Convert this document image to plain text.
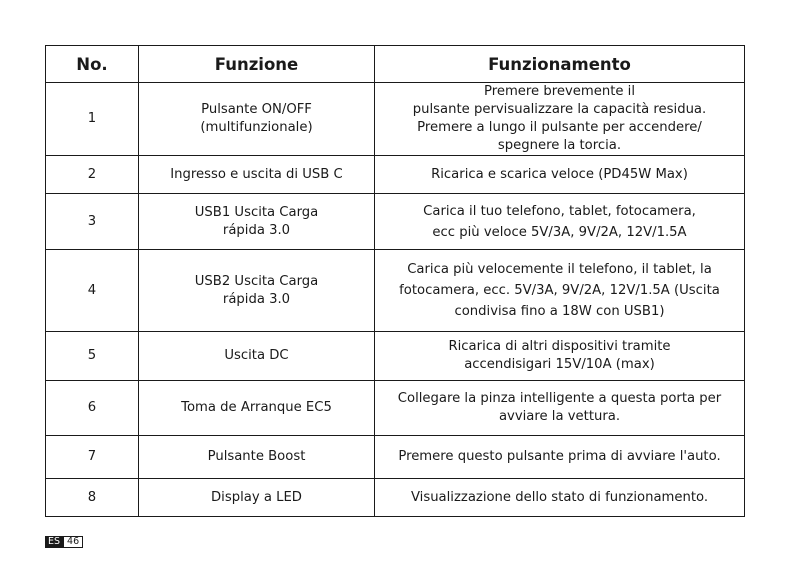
No.	Funzione	Funzionamento

1	Pulsante ON/OFF
(multifunzionale)	Premere brevemente il
pulsante pervisualizzare la capacità residua.
Premere a lungo il pulsante per accendere/
spegnere la torcia.

2	Ingresso e uscita di USB C	Ricarica e scarica veloce (PD45W Max)

3	USB1 Uscita Carga
rápida 3.0	Carica il tuo telefono, tablet, fotocamera,
ecc più veloce 5V/3A, 9V/2A, 12V/1.5A

4	USB2 Uscita Carga
rápida 3.0	Carica più velocemente il telefono, il tablet, la
fotocamera, ecc. 5V/3A, 9V/2A, 12V/1.5A (Uscita
condivisa fino a 18W con USB1)

5	Uscita DC	Ricarica di altri dispositivi tramite
accendisigari 15V/10A (max)

6	Toma de Arranque EC5	Collegare la pinza intelligente a questa porta per
avviare la vettura.

7	Pulsante Boost	Premere questo pulsante prima di avviare l'auto.

8	Display a LED	Visualizzazione dello stato di funzionamento.
ES 46
